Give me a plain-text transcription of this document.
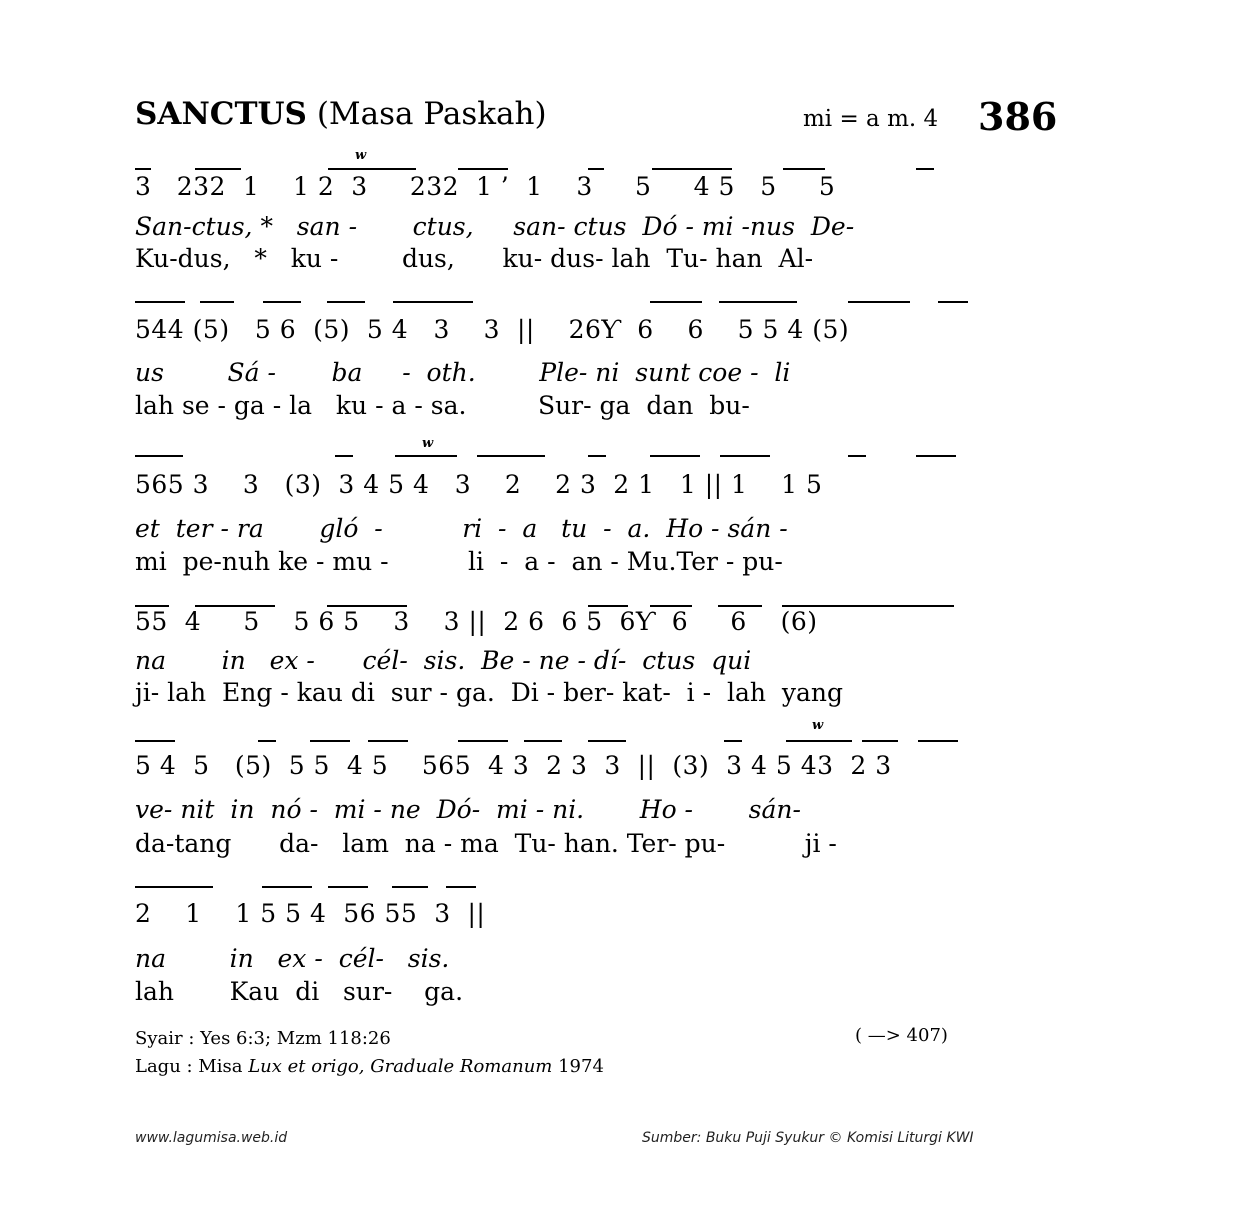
SANCTUS (Masa Paskah)	mi = a m. 4 386
w
3   232  1    1 2  3     232  1 ’  1    3     5     4 5   5     5
San-ctus, *   san -       ctus,     san- ctus  Dó - mi -nus  De-
Ku-dus,   *   ku -        dus,      ku- dus- lah  Tu- han  Al-
544 (5)   5 6  (5)  5 4   3    3  ||    26Ƴ  6    6    5 5 4 (5)
us        Sá -       ba     -  oth.        Ple- ni  sunt coe -  li
lah se - ga - la   ku - a - sa.         Sur- ga  dan  bu-
w
565 3    3   (3)  3 4 5 4   3    2    2 3  2 1   1 || 1    1 5
et  ter - ra       gló  -          ri  -  a   tu  -  a.  Ho - sán -
mi  pe-nuh ke - mu -          li  -  a -  an - Mu.Ter - pu-
55  4     5    5 6 5    3    3 ||  2 6  6 5  6Ƴ  6     6    (6)
na       in   ex -      cél-  sis.  Be - ne - dí-  ctus  qui
ji- lah  Eng - kau di  sur - ga.  Di - ber- kat-  i -  lah  yang
w
5 4  5   (5)  5 5  4 5    565  4 3  2 3  3  ||  (3)  3 4 5 43  2 3
ve- nit  in  nó -  mi - ne  Dó-  mi - ni.       Ho -       sán-
da-tang      da-   lam  na - ma  Tu- han. Ter- pu-          ji -
2    1    1 5 5 4  56 55  3  ||
na        in   ex -  cél-   sis.
lah       Kau  di   sur-    ga.
Syair : Yes 6:3; Mzm 118:26
Lagu : Misa Lux et origo, Graduale Romanum 1974
( —> 407)
www.lagumisa.web.id	Sumber: Buku Puji Syukur © Komisi Liturgi KWI
